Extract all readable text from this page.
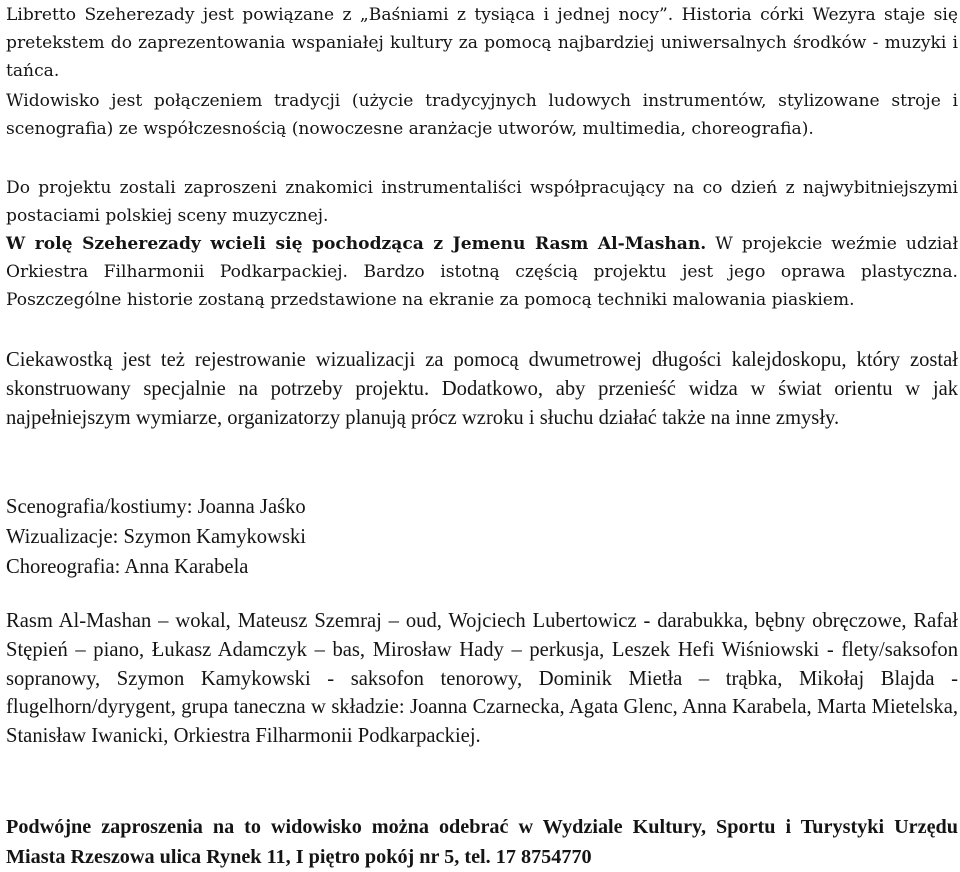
Libretto Szeherezady jest powiązane z „Baśniami z tysiąca i jednej nocy”. Historia córki Wezyra staje się pretekstem do zaprezentowania wspaniałej kultury za pomocą najbardziej uniwersalnych środków - muzyki i tańca.

Widowisko jest połączeniem tradycji (użycie tradycyjnych ludowych instrumentów, stylizowane stroje i scenografia) ze współczesnością (nowoczesne aranżacje utworów, multimedia, choreografia).

Do projektu zostali zaproszeni znakomici instrumentaliści współpracujący na co dzień z najwybitniejszymi postaciami polskiej sceny muzycznej.

W rolę Szeherezady wcieli się pochodząca z Jemenu Rasm Al-Mashan. W projekcie weźmie udział Orkiestra Filharmonii Podkarpackiej. Bardzo istotną częścią projektu jest jego oprawa plastyczna. Poszczególne historie zostaną przedstawione na ekranie za pomocą techniki malowania piaskiem.

Ciekawostką jest też rejestrowanie wizualizacji za pomocą dwumetrowej długości kalejdoskopu, który został skonstruowany specjalnie na potrzeby projektu. Dodatkowo, aby przenieść widza w świat orientu w jak najpełniejszym wymiarze, organizatorzy planują prócz wzroku i słuchu działać także na inne zmysły.

Scenografia/kostiumy: Joanna Jaśko
Wizualizacje: Szymon Kamykowski
Choreografia: Anna Karabela

Rasm Al-Mashan – wokal, Mateusz Szemraj – oud, Wojciech Lubertowicz - darabukka, bębny obręczowe, Rafał Stępień – piano, Łukasz Adamczyk – bas, Mirosław Hady – perkusja, Leszek Hefi Wiśniowski - flety/saksofon sopranowy, Szymon Kamykowski - saksofon tenorowy, Dominik Mietła – trąbka, Mikołaj Blajda - flugelhorn/dyrygent, grupa taneczna w składzie: Joanna Czarnecka, Agata Glenc, Anna Karabela, Marta Mietelska, Stanisław Iwanicki, Orkiestra Filharmonii Podkarpackiej.

Podwójne zaproszenia na to widowisko można odebrać w Wydziale Kultury, Sportu i Turystyki Urzędu Miasta Rzeszowa ulica Rynek 11, I piętro pokój nr 5, tel. 17 8754770
